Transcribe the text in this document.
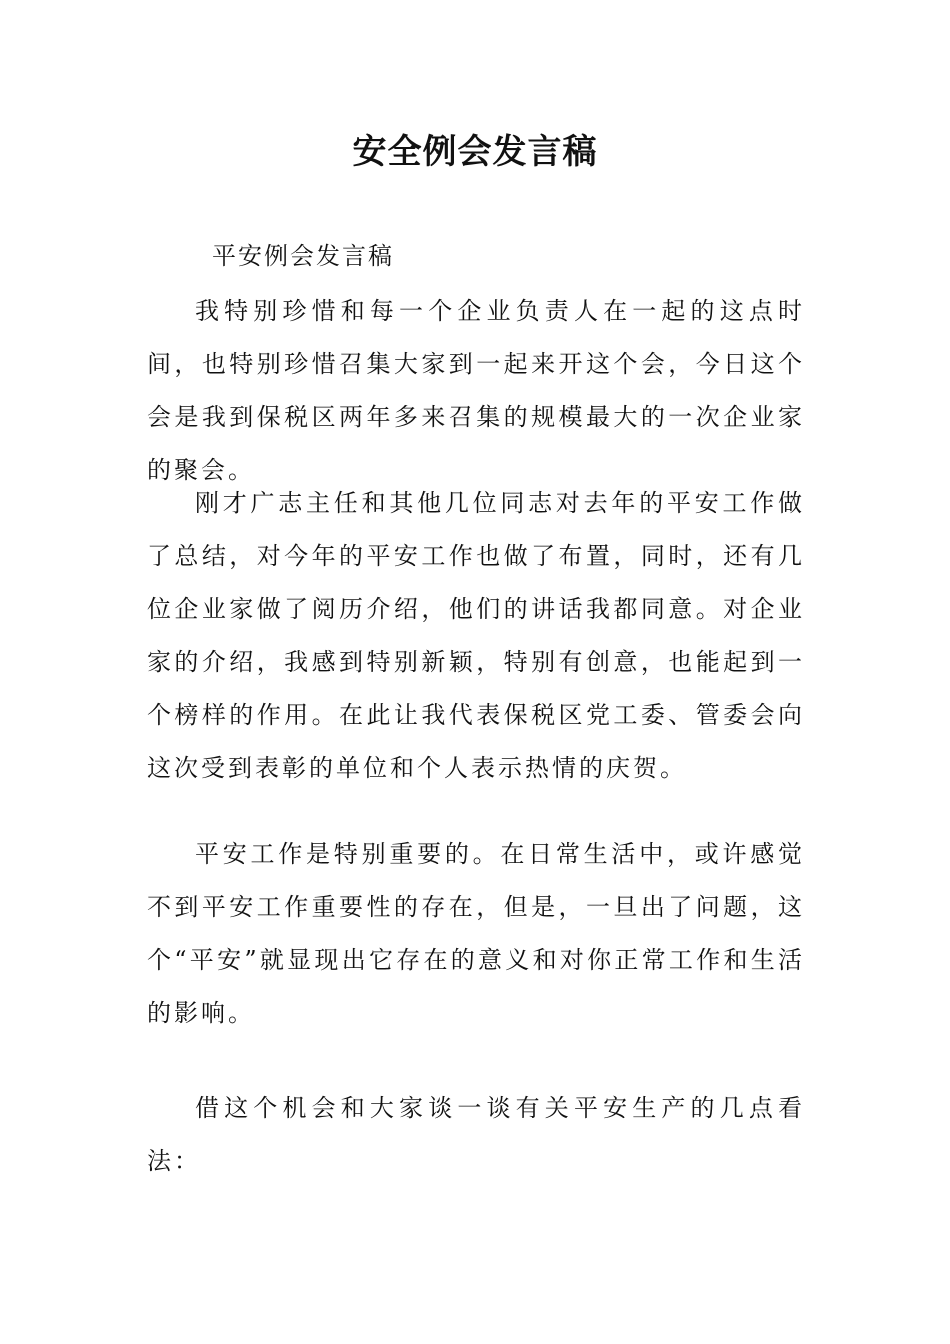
安全例会发言稿

平安例会发言稿

我特别珍惜和每一个企业负责人在一起的这点时间，也特别珍惜召集大家到一起来开这个会，今日这个会是我到保税区两年多来召集的规模最大的一次企业家的聚会。

刚才广志主任和其他几位同志对去年的平安工作做了总结，对今年的平安工作也做了布置，同时，还有几位企业家做了阅历介绍，他们的讲话我都同意。对企业家的介绍，我感到特别新颖，特别有创意，也能起到一个榜样的作用。在此让我代表保税区党工委、管委会向这次受到表彰的单位和个人表示热情的庆贺。

平安工作是特别重要的。在日常生活中，或许感觉不到平安工作重要性的存在，但是，一旦出了问题，这个“平安”就显现出它存在的意义和对你正常工作和生活的影响。

借这个机会和大家谈一谈有关平安生产的几点看法：
